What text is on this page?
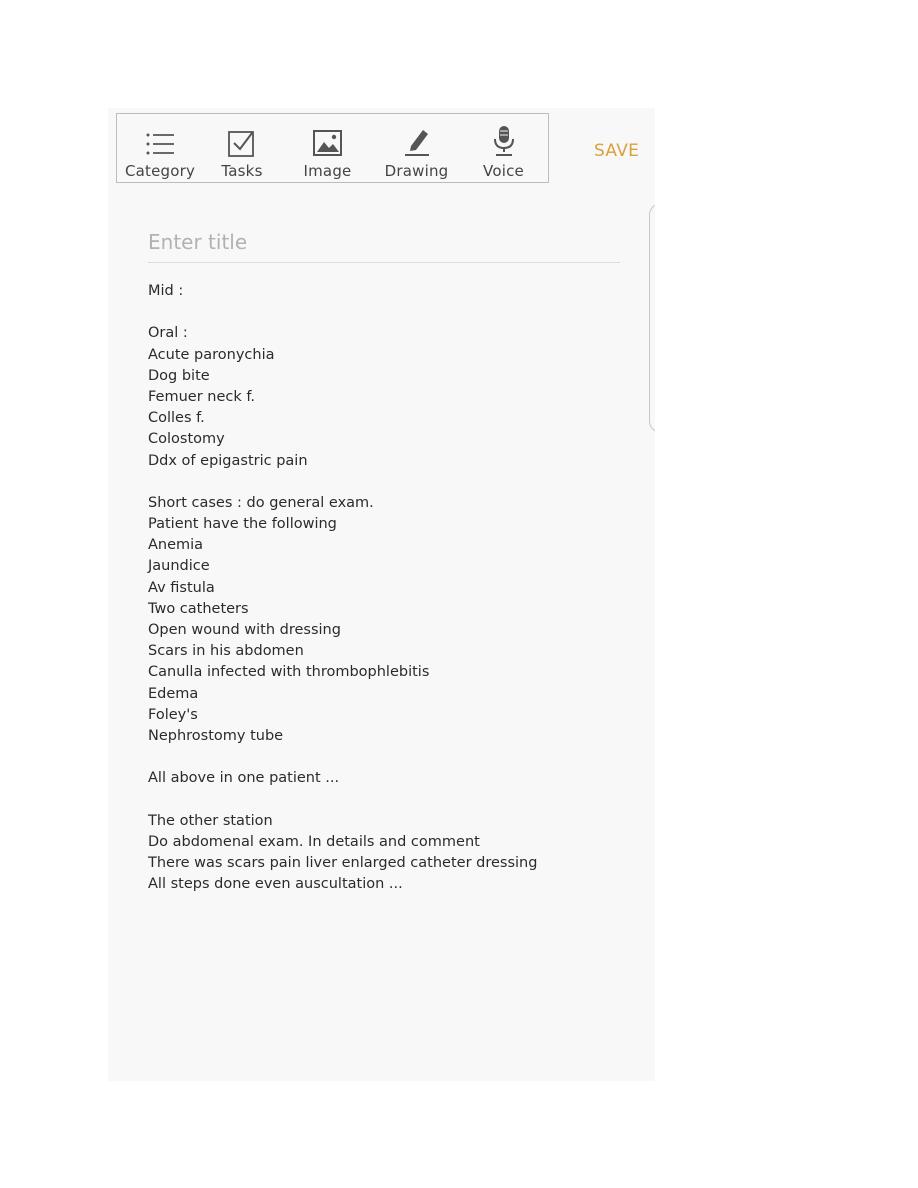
Category Tasks	Image Drawing Voice
SAVE
Enter title
Mid :
Oral :
Acute paronychia
Dog bite
Femuer neck f.
Colles f.
Colostomy
Ddx of epigastric pain
Short cases : do general exam.
Patient have the following
Anemia
Jaundice
Av fistula
Two catheters
Open wound with dressing
Scars in his abdomen
Canulla infected with thrombophlebitis
Edema
Foley's
Nephrostomy tube
All above in one patient ...
The other station
Do abdomenal exam. In details and comment
There was scars pain liver enlarged catheter dressing
All steps done even auscultation ...
